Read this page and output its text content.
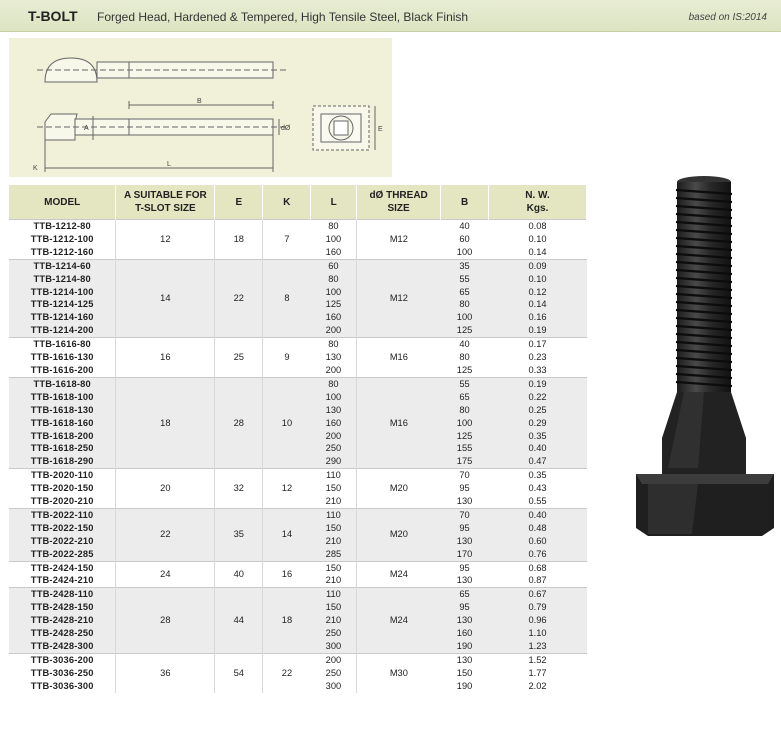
T-BOLT Forged Head, Hardened & Tempered, High Tensile Steel, Black Finish	based on IS:2014
B
A	dØ	E
K
L
MODEL	A SUITABLE FOR
T-SLOT SIZE	E	K	L	dØ THREAD
SIZE	B	N. W.
Kgs.
TTB-1212-80	12	18	7	80	M12	40	0.08
TTB-1212-100				100		60	0.10
TTB-1212-160				160		100	0.14
TTB-1214-60	14	22	8	60	M12	35	0.09
TTB-1214-80				80		55	0.10
TTB-1214-100				100		65	0.12
TTB-1214-125				125		80	0.14
TTB-1214-160				160		100	0.16
TTB-1214-200				200		125	0.19
TTB-1616-80	16	25	9	80	M16	40	0.17
TTB-1616-130				130		80	0.23
TTB-1616-200				200		125	0.33
TTB-1618-80	18	28	10	80	M16	55	0.19
TTB-1618-100				100		65	0.22
TTB-1618-130				130		80	0.25
TTB-1618-160				160		100	0.29
TTB-1618-200				200		125	0.35
TTB-1618-250				250		155	0.40
TTB-1618-290				290		175	0.47
TTB-2020-110	20	32	12	110	M20	70	0.35
TTB-2020-150				150		95	0.43
TTB-2020-210				210		130	0.55
TTB-2022-110	22	35	14	110	M20	70	0.40
TTB-2022-150				150		95	0.48
TTB-2022-210				210		130	0.60
TTB-2022-285				285		170	0.76
TTB-2424-150	24	40	16	150	M24	95	0.68
TTB-2424-210				210		130	0.87
TTB-2428-110	28	44	18	110	M24	65	0.67
TTB-2428-150				150		95	0.79
TTB-2428-210				210		130	0.96
TTB-2428-250				250		160	1.10
TTB-2428-300				300		190	1.23
TTB-3036-200	36	54	22	200	M30	130	1.52
TTB-3036-250				250		150	1.77
TTB-3036-300				300		190	2.02
